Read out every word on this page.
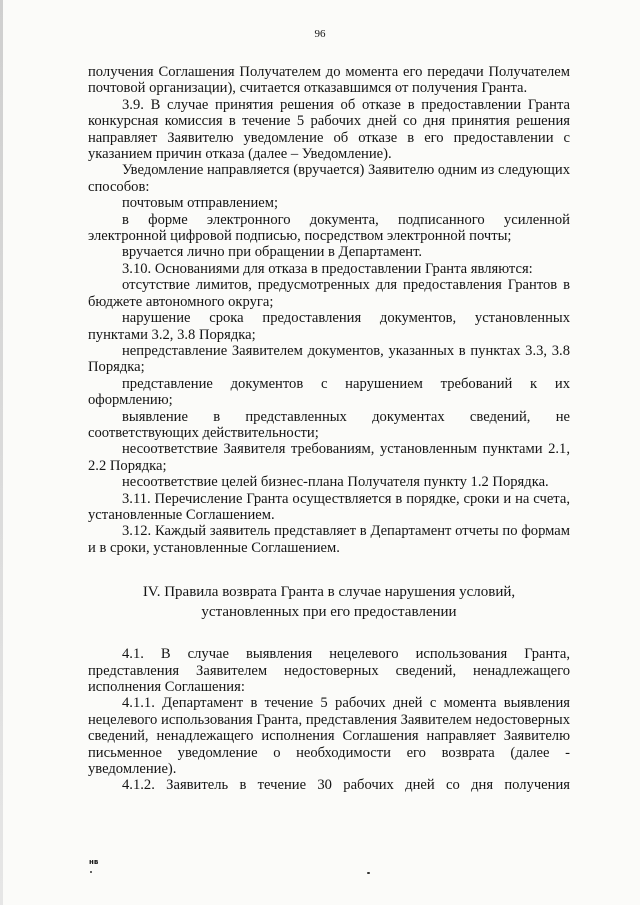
96

получения Соглашения Получателем до момента его передачи Получателем почтовой организации), считается отказавшимся от получения Гранта.

3.9. В случае принятия решения об отказе в предоставлении Гранта конкурсная комиссия в течение 5 рабочих дней со дня принятия решения направляет Заявителю уведомление об отказе в его предоставлении с указанием причин отказа (далее – Уведомление).

Уведомление направляется (вручается) Заявителю одним из следующих способов:

почтовым отправлением;

в форме электронного документа, подписанного усиленной электронной цифровой подписью, посредством электронной почты;

вручается лично при обращении в Департамент.

3.10. Основаниями для отказа в предоставлении Гранта являются:

отсутствие лимитов, предусмотренных для предоставления Грантов в бюджете автономного округа;

нарушение срока предоставления документов, установленных пунктами 3.2, 3.8 Порядка;

непредставление Заявителем документов, указанных в пунктах 3.3, 3.8 Порядка;

представление документов с нарушением требований к их оформлению;

выявление в представленных документах сведений, не соответствующих действительности;

несоответствие Заявителя требованиям, установленным пунктами 2.1, 2.2 Порядка;

несоответствие целей бизнес-плана Получателя пункту 1.2 Порядка.

3.11. Перечисление Гранта осуществляется в порядке, сроки и на счета, установленные Соглашением.

3.12. Каждый заявитель представляет в Департамент отчеты по формам и в сроки, установленные Соглашением.

IV. Правила возврата Гранта в случае нарушения условий,
установленных при его предоставлении

4.1. В случае выявления нецелевого использования Гранта, представления Заявителем недостоверных сведений, ненадлежащего исполнения Соглашения:

4.1.1. Департамент в течение 5 рабочих дней с момента выявления нецелевого использования Гранта, представления Заявителем недостоверных сведений, ненадлежащего исполнения Соглашения направляет Заявителю письменное уведомление о необходимости его возврата (далее - уведомление).

4.1.2. Заявитель в течение 30 рабочих дней со дня получения

нв
